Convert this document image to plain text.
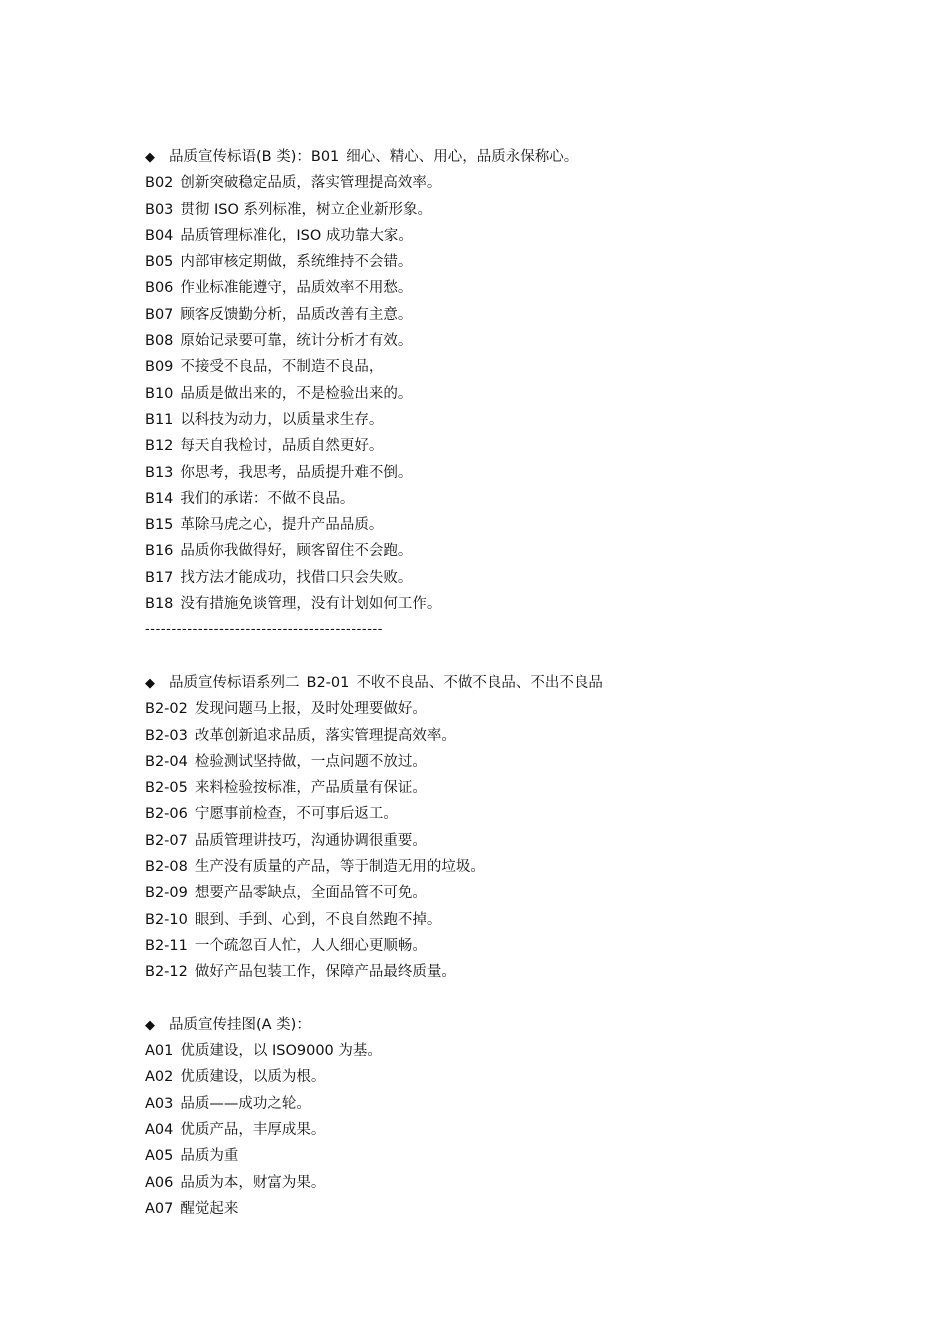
◆ 品质宣传标语(B 类)：B01 细心、精心、用心，品质永保称心。
B02 创新突破稳定品质，落实管理提高效率。
B03 贯彻 ISO 系列标准，树立企业新形象。
B04 品质管理标准化，ISO 成功靠大家。
B05 内部审核定期做，系统维持不会错。
B06 作业标准能遵守，品质效率不用愁。
B07 顾客反馈勤分析，品质改善有主意。
B08 原始记录要可靠，统计分析才有效。
B09 不接受不良品，不制造不良品，
B10 品质是做出来的，不是检验出来的。
B11 以科技为动力，以质量求生存。
B12 每天自我检讨，品质自然更好。
B13 你思考，我思考，品质提升难不倒。
B14 我们的承诺：不做不良品。
B15 革除马虎之心，提升产品品质。
B16 品质你我做得好，顾客留住不会跑。
B17 找方法才能成功，找借口只会失败。
B18 没有措施免谈管理，没有计划如何工作。
---------------------------------------------
◆ 品质宣传标语系列二 B2-01 不收不良品、不做不良品、不出不良品
B2-02 发现问题马上报，及时处理要做好。
B2-03 改革创新追求品质，落实管理提高效率。
B2-04 检验测试坚持做，一点问题不放过。
B2-05 来料检验按标准，产品质量有保证。
B2-06 宁愿事前检查，不可事后返工。
B2-07 品质管理讲技巧，沟通协调很重要。
B2-08 生产没有质量的产品，等于制造无用的垃圾。
B2-09 想要产品零缺点，全面品管不可免。
B2-10 眼到、手到、心到，不良自然跑不掉。
B2-11 一个疏忽百人忙，人人细心更顺畅。
B2-12 做好产品包装工作，保障产品最终质量。
◆ 品质宣传挂图(A 类)：
A01 优质建设，以 ISO9000 为基。
A02 优质建设，以质为根。
A03 品质——成功之轮。
A04 优质产品，丰厚成果。
A05 品质为重
A06 品质为本，财富为果。
A07 醒觉起来
